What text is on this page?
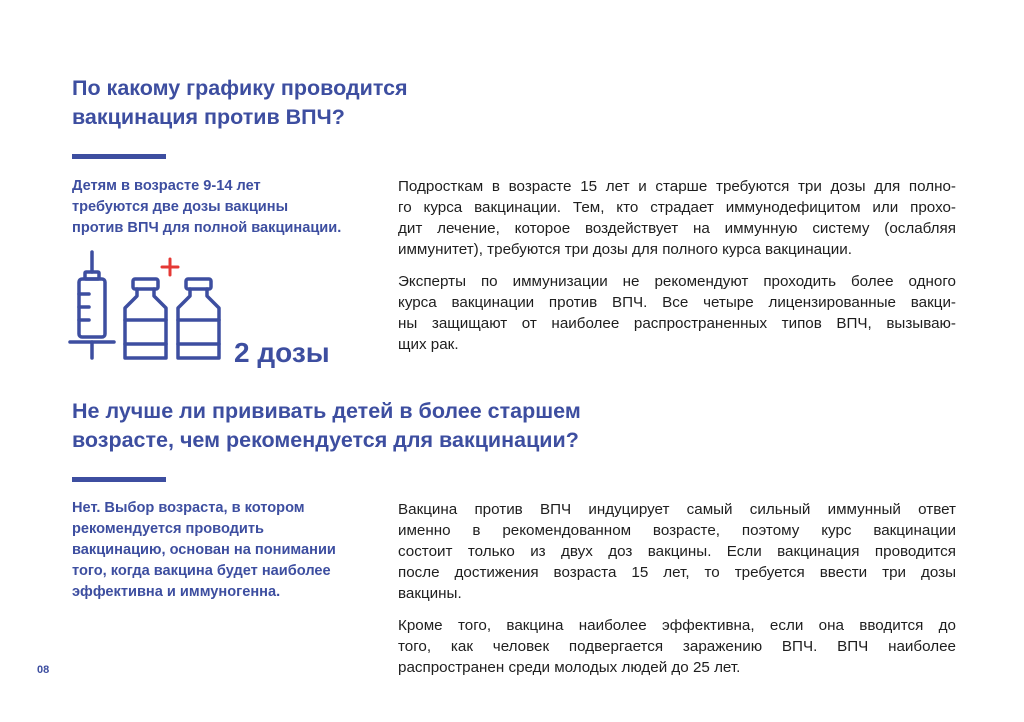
По какому графику проводится
вакцинация против ВПЧ?

Детям в возрасте 9-14 лет
требуются две дозы вакцины
против ВПЧ для полной вакцинации.

2 дозы

Подросткам в возрасте 15 лет и старше требуются три дозы для полно-
го курса вакцинации. Тем, кто страдает иммунодефицитом или прохо-
дит лечение, которое воздействует на иммунную систему (ослабляя
иммунитет), требуются три дозы для полного курса вакцинации.

Эксперты по иммунизации не рекомендуют проходить более одного
курса вакцинации против ВПЧ. Все четыре лицензированные вакци-
ны защищают от наиболее распространенных типов ВПЧ, вызываю-
щих рак.

Не лучше ли прививать детей в более старшем
возрасте, чем рекомендуется для вакцинации?

Нет. Выбор возраста, в котором
рекомендуется проводить
вакцинацию, основан на понимании
того, когда вакцина будет наиболее
эффективна и иммуногенна.

Вакцина против ВПЧ индуцирует самый сильный иммунный ответ
именно в рекомендованном возрасте, поэтому курс вакцинации
состоит только из двух доз вакцины. Если вакцинация проводится
после достижения возраста 15 лет, то требуется ввести три дозы
вакцины.

Кроме того, вакцина наиболее эффективна, если она вводится до
того, как человек подвергается заражению ВПЧ. ВПЧ наиболее
распространен среди молодых людей до 25 лет.

08
